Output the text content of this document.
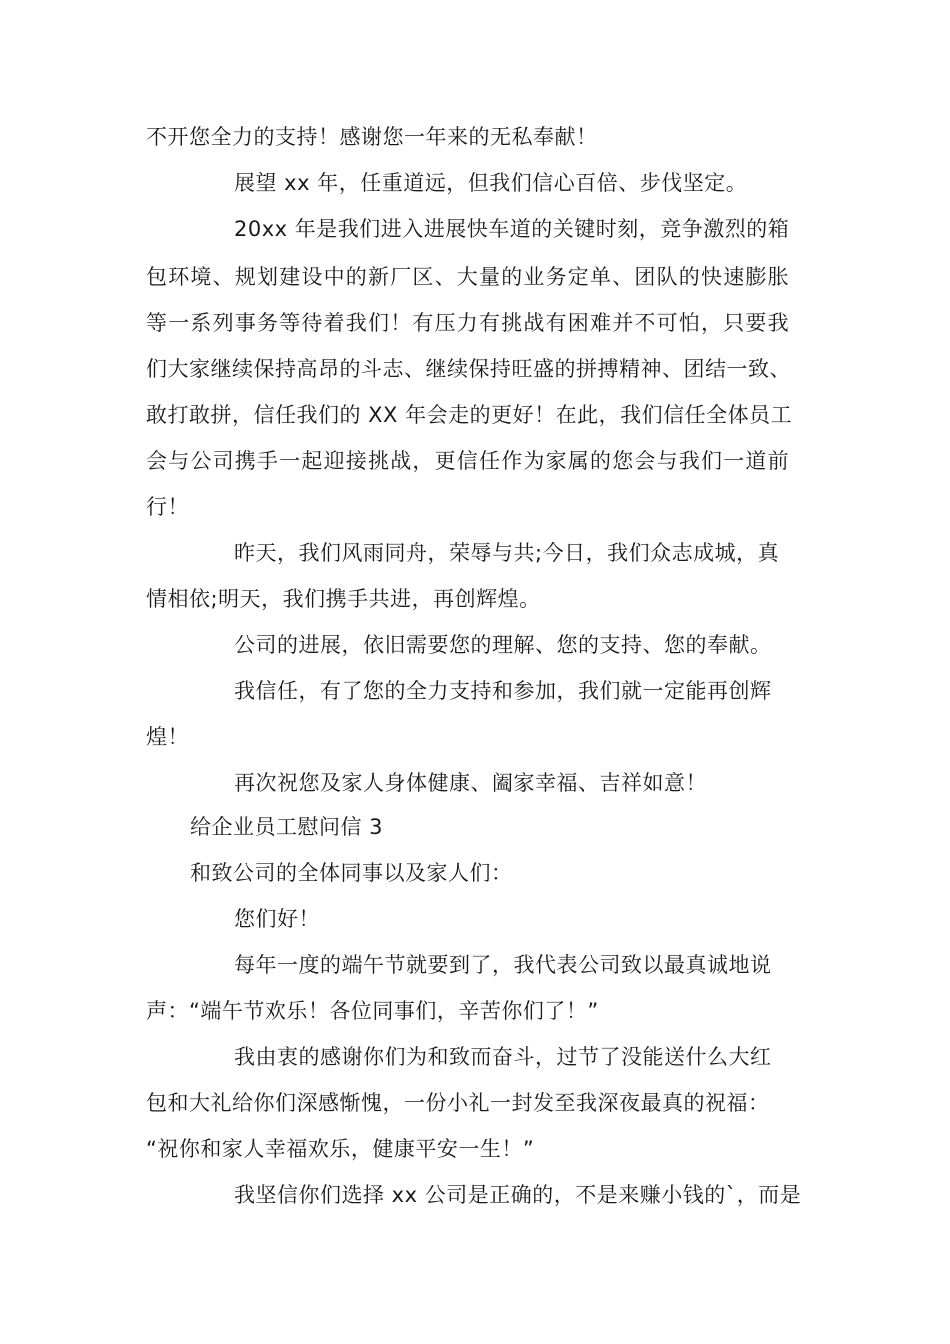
不开您全力的支持！感谢您一年来的无私奉献！
展望 xx 年，任重道远，但我们信心百倍、步伐坚定。
20xx 年是我们进入进展快车道的关键时刻，竞争激烈的箱
包环境、规划建设中的新厂区、大量的业务定单、团队的快速膨胀
等一系列事务等待着我们！有压力有挑战有困难并不可怕，只要我
们大家继续保持高昂的斗志、继续保持旺盛的拼搏精神、团结一致、
敢打敢拼，信任我们的 XX 年会走的更好！在此，我们信任全体员工
会与公司携手一起迎接挑战，更信任作为家属的您会与我们一道前
行！
昨天，我们风雨同舟，荣辱与共;今日，我们众志成城，真
情相依;明天，我们携手共进，再创辉煌。
公司的进展，依旧需要您的理解、您的支持、您的奉献。
我信任，有了您的全力支持和参加，我们就一定能再创辉
煌！
再次祝您及家人身体健康、阖家幸福、吉祥如意！
给企业员工慰问信 3
和致公司的全体同事以及家人们：
您们好！
每年一度的端午节就要到了，我代表公司致以最真诚地说
声：“端午节欢乐！各位同事们，辛苦你们了！”
我由衷的感谢你们为和致而奋斗，过节了没能送什么大红
包和大礼给你们深感惭愧，一份小礼一封发至我深夜最真的祝福：
“祝你和家人幸福欢乐，健康平安一生！”
我坚信你们选择 xx 公司是正确的，不是来赚小钱的`，而是
